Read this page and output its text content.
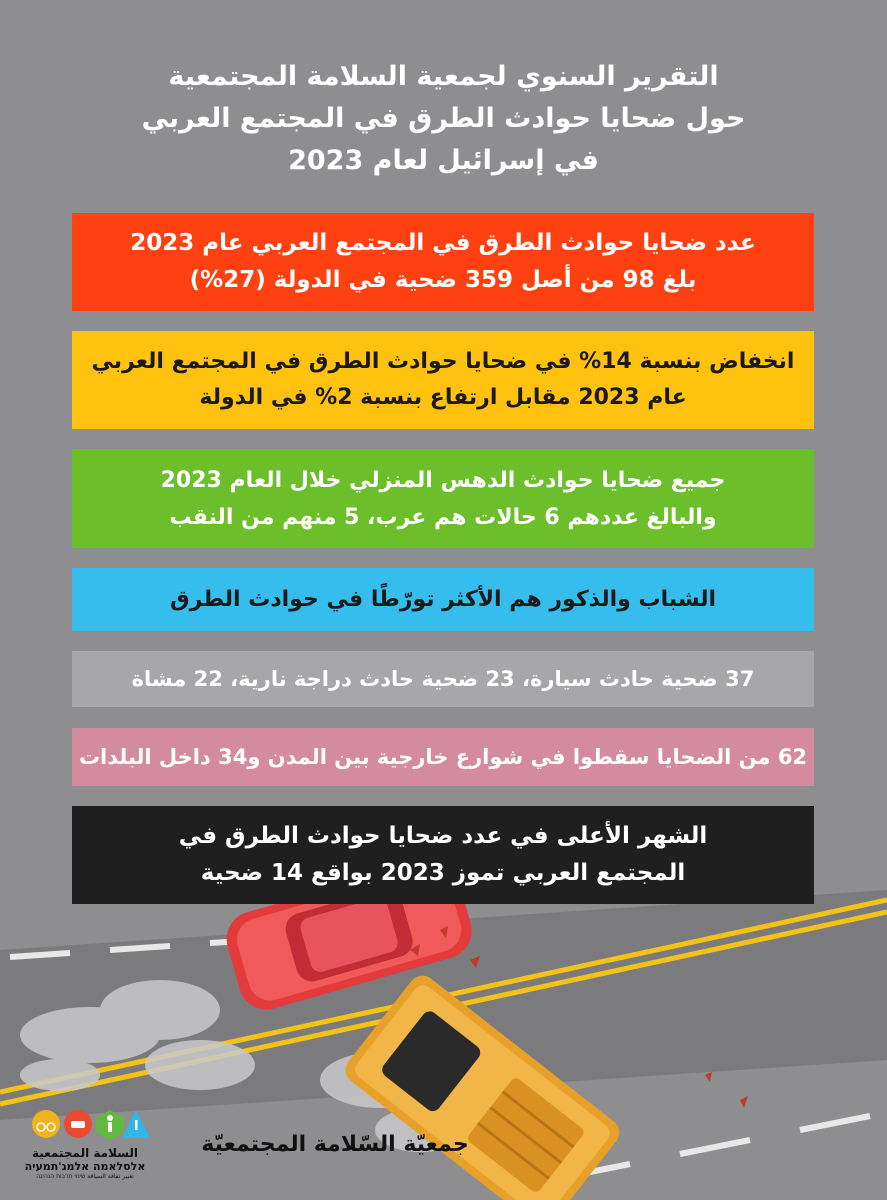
التقرير السنوي لجمعية السلامة المجتمعية
حول ضحايا حوادث الطرق في المجتمع العربي
في إسرائيل لعام 2023
عدد ضحايا حوادث الطرق في المجتمع العربي عام 2023
بلغ 98 من أصل 359 ضحية في الدولة (27%)
انخفاض بنسبة 14% في ضحايا حوادث الطرق في المجتمع العربي
عام 2023 مقابل ارتفاع بنسبة 2% في الدولة
جميع ضحايا حوادث الدهس المنزلي خلال العام 2023
والبالغ عددهم 6 حالات هم عرب، 5 منهم من النقب
الشباب والذكور هم الأكثر تورّطًا في حوادث الطرق
37 ضحية حادث سيارة، 23 ضحية حادث دراجة نارية، 22 مشاة
62 من الضحايا سقطوا في شوارع خارجية بين المدن و34 داخل البلدات
الشهر الأعلى في عدد ضحايا حوادث الطرق في
المجتمع العربي تموز 2023 بواقع 14 ضحية
السلامة المجتمعية
אלסלאמה אלמג'תמעיה
تغيير ثقافة السياقة שינוי תרבות הנהיגה
جمعيّة السّلامة المجتمعيّة
